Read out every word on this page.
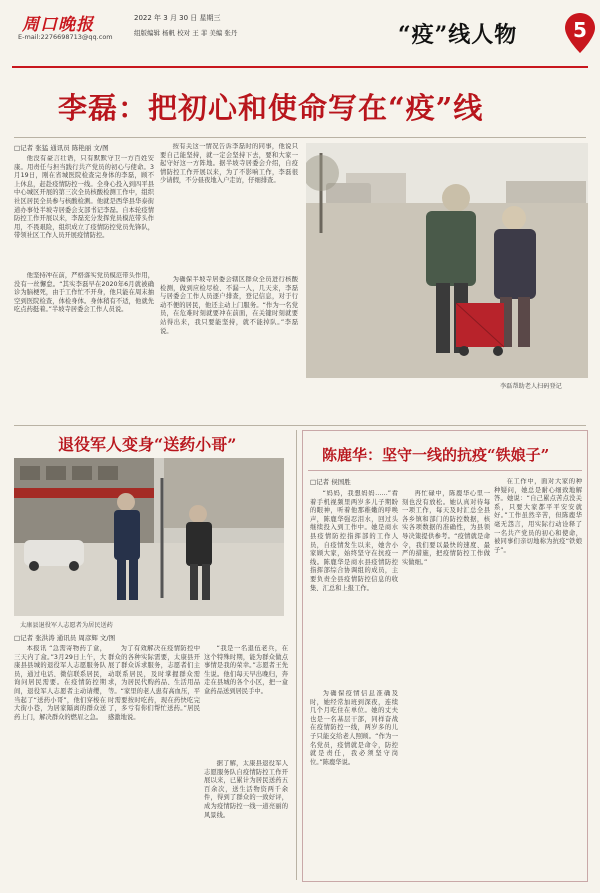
周口晚报
E-mail:2276698713@qq.com
2022 年 3 月 30 日 星期三
组版编辑 杨帆 校对 王 菲 美编 张丹	“疫”线人物	5
李磊：把初心和使命写在“疫”线
□记者 张猛 通讯员 陈艳丽 文/图
他没有豪言壮语，只有默默守卫一方百姓安康。用责任与担当践行共产党员的初心与使命。3月19日，刚在省城医院检查完身体的李磊，顾不上休息，赶赴疫情防控一线。全身心投入到四平县中心城区开展的第三次全员核酸检测工作中，组织社区居民全员参与核酸检测。他就是西华县华泰街道办事处半坡寺居委会支部书记李磊。自本轮疫情防控工作开展以来，李磊充分发挥党员模范带头作用，不畏艰险，组织成立了疫情防控党员先锋队，带领社区工作人员开展疫情防控。
他坚持冲在前，严格落实党员模范带头作用，没有一丝懈怠。“其实李磊早在2020年6月就被确诊为脑梗死，由于工作忙不开身，他只能在周末抽空到医院检查，体检身体。身体稍有不适，他就先吃点药挺着。”半坡寺居委会工作人员说。
按有关这一情况告诉李磊时的同事，他说只要自己能坚持，就一定会坚持下去，要和大家一起守好这一方阵地。据半坡寺居委会介绍，自疫情防控工作开展以来，为了不影响工作，李磊很少请假，不分昼夜地入户走访，仔细排查。
为确保半坡寺居委会辖区群众全员进行核酸检测，做到应检尽检、不漏一人，几天来，李磊与居委会工作人员逐户排查，登记信息，对于行动不便的居民，他还主动上门服务。“作为一名党员，在危难时刻就要冲在前面，在关键时刻就要站得出来，我只要能坚持，就不能掉队。”李磊说。
李磊帮助老人扫码登记
退役军人变身“送药小哥”
太康县退役军人志愿者为居民送药
□记者 张洪涛 通讯员 周彦辉 文/图
本报讯 “急需寄物药了盒，三天内了盒。”3月29日上午，大康县县城的退役军人志愿服务队员，通过电话、微信联系居民，询问居民需要。在疫情防控期间，退役军人志愿者主动请缨，当起了“送药小哥”，他们穿梭在大街小巷，为居家隔离的群众送药上门，解决群众的燃眉之急。
为了有效解决在疫情防控中群众的各种实际需要，太康县开展了群众诉求服务，志愿者们主动联系居民，及时掌握群众需求，为居民代购药品、生活用品等。“家里的老人患有高血压，平时需要按时吃药，现在药快吃完了，多亏有你们帮忙送药。”居民感激地说。
“我是一名退伍老兵，在这个特殊时期，能为群众做点事情是我的荣幸。”志愿者王先生说。他们每天早出晚归，奔走在县城的各个小区，把一盒盒药品送到居民手中。
据了解，太康县退役军人志愿服务队自疫情防控工作开展以来，已累计为居民送药五百余次，送生活物资两千余件，得到了群众的一致好评，成为疫情防控一线一道亮丽的风景线。
陈鹿华：坚守一线的抗疫“铁娘子”
□记者 侯国胜
“妈妈，我想妈妈……”看着手机视频里两岁多儿子期盼的眼神，听着他那稚嫩的呼唤声，陈鹿华强忍泪水，回过头继续投入到工作中。她是商水县疫情防控指挥部的工作人员，自疫情发生以来，她舍小家顾大家，始终坚守在抗疫一线。陈鹿华是商水县疫情防控指挥部综合协调组的成员，主要负责全县疫情防控信息的收集、汇总和上报工作。
为确保疫情信息准确及时，她经常加班到深夜，连续几个月吃住在单位。她的丈夫也是一名基层干部，同样奋战在疫情防控一线，两岁多的儿子只能交给老人照顾。“作为一名党员，疫情就是命令，防控就是责任，我必须坚守岗位。”陈鹿华说。
再忙碌中，陈鹿华心里一刻也没有放松。她认真对待每一项工作，每天及时汇总全县各乡镇和部门的防控数据，核实各项数据的准确性，为县领导决策提供参考。“疫情就是命令，我们要以最快的速度、最严的措施，把疫情防控工作做实做细。”
在工作中，面对大家的种种疑问，她总是耐心细致地解答。她说：“自己累点苦点没关系，只要大家都平平安安就好。”工作虽然辛苦，但陈鹿华毫无怨言，用实际行动诠释了一名共产党员的初心和使命，被同事们亲切地称为抗疫“铁娘子”。
